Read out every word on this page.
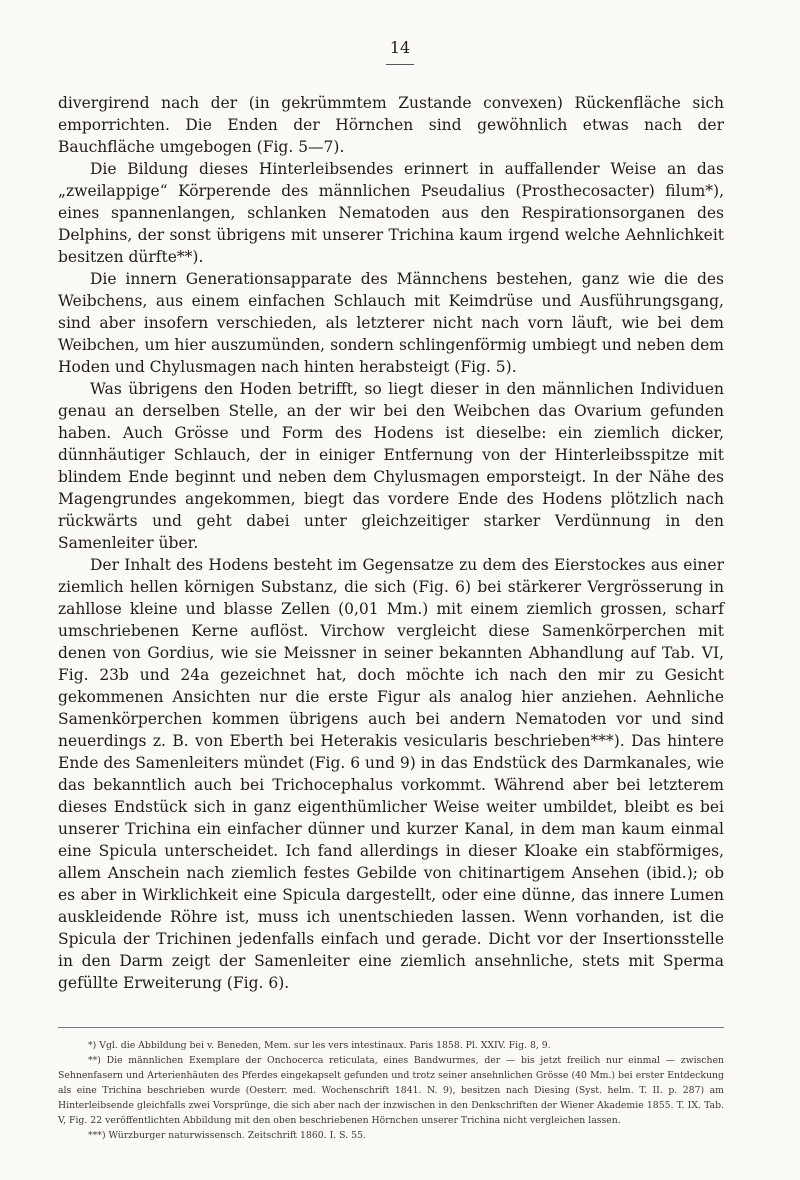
14

divergirend nach der (in gekrümmtem Zustande convexen) Rückenfläche sich emporrichten. Die Enden der Hörnchen sind gewöhnlich etwas nach der Bauchfläche umgebogen (Fig. 5—7).

Die Bildung dieses Hinterleibsendes erinnert in auffallender Weise an das „zweilappige“ Körperende des männlichen Pseudalius (Prosthecosacter) filum*), eines spannenlangen, schlanken Nematoden aus den Respirationsorganen des Delphins, der sonst übrigens mit unserer Trichina kaum irgend welche Aehnlichkeit besitzen dürfte**).

Die innern Generationsapparate des Männchens bestehen, ganz wie die des Weibchens, aus einem einfachen Schlauch mit Keimdrüse und Ausführungsgang, sind aber insofern verschieden, als letzterer nicht nach vorn läuft, wie bei dem Weibchen, um hier auszumünden, sondern schlingenförmig umbiegt und neben dem Hoden und Chylusmagen nach hinten herabsteigt (Fig. 5).

Was übrigens den Hoden betrifft, so liegt dieser in den männlichen Individuen genau an derselben Stelle, an der wir bei den Weibchen das Ovarium gefunden haben. Auch Grösse und Form des Hodens ist dieselbe: ein ziemlich dicker, dünnhäutiger Schlauch, der in einiger Entfernung von der Hinterleibsspitze mit blindem Ende beginnt und neben dem Chylusmagen emporsteigt. In der Nähe des Magengrundes angekommen, biegt das vordere Ende des Hodens plötzlich nach rückwärts und geht dabei unter gleichzeitiger starker Verdünnung in den Samenleiter über.

Der Inhalt des Hodens besteht im Gegensatze zu dem des Eierstockes aus einer ziemlich hellen körnigen Substanz, die sich (Fig. 6) bei stärkerer Vergrösserung in zahllose kleine und blasse Zellen (0,01 Mm.) mit einem ziemlich grossen, scharf umschriebenen Kerne auflöst. Virchow vergleicht diese Samenkörperchen mit denen von Gordius, wie sie Meissner in seiner bekannten Abhandlung auf Tab. VI, Fig. 23b und 24a gezeichnet hat, doch möchte ich nach den mir zu Gesicht gekommenen Ansichten nur die erste Figur als analog hier anziehen. Aehnliche Samenkörperchen kommen übrigens auch bei andern Nematoden vor und sind neuerdings z. B. von Eberth bei Heterakis vesicularis beschrieben***). Das hintere Ende des Samenleiters mündet (Fig. 6 und 9) in das Endstück des Darmkanales, wie das bekanntlich auch bei Trichocephalus vorkommt. Während aber bei letzterem dieses Endstück sich in ganz eigenthümlicher Weise weiter umbildet, bleibt es bei unserer Trichina ein einfacher dünner und kurzer Kanal, in dem man kaum einmal eine Spicula unterscheidet. Ich fand allerdings in dieser Kloake ein stabförmiges, allem Anschein nach ziemlich festes Gebilde von chitinartigem Ansehen (ibid.); ob es aber in Wirklichkeit eine Spicula dargestellt, oder eine dünne, das innere Lumen auskleidende Röhre ist, muss ich unentschieden lassen. Wenn vorhanden, ist die Spicula der Trichinen jedenfalls einfach und gerade. Dicht vor der Insertionsstelle in den Darm zeigt der Samenleiter eine ziemlich ansehnliche, stets mit Sperma gefüllte Erweiterung (Fig. 6).

*) Vgl. die Abbildung bei v. Beneden, Mem. sur les vers intestinaux. Paris 1858. Pl. XXIV. Fig. 8, 9.

**) Die männlichen Exemplare der Onchocerca reticulata, eines Bandwurmes, der — bis jetzt freilich nur einmal — zwischen Sehnenfasern und Arterienhäuten des Pferdes eingekapselt gefunden und trotz seiner ansehnlichen Grösse (40 Mm.) bei erster Entdeckung als eine Trichina beschrieben wurde (Oesterr. med. Wochenschrift 1841. N. 9), besitzen nach Diesing (Syst. helm. T. II. p. 287) am Hinterleibsende gleichfalls zwei Vorsprünge, die sich aber nach der inzwischen in den Denkschriften der Wiener Akademie 1855. T. IX. Tab. V, Fig. 22 veröffentlichten Abbildung mit den oben beschriebenen Hörnchen unserer Trichina nicht vergleichen lassen.

***) Würzburger naturwissensch. Zeitschrift 1860. I. S. 55.
